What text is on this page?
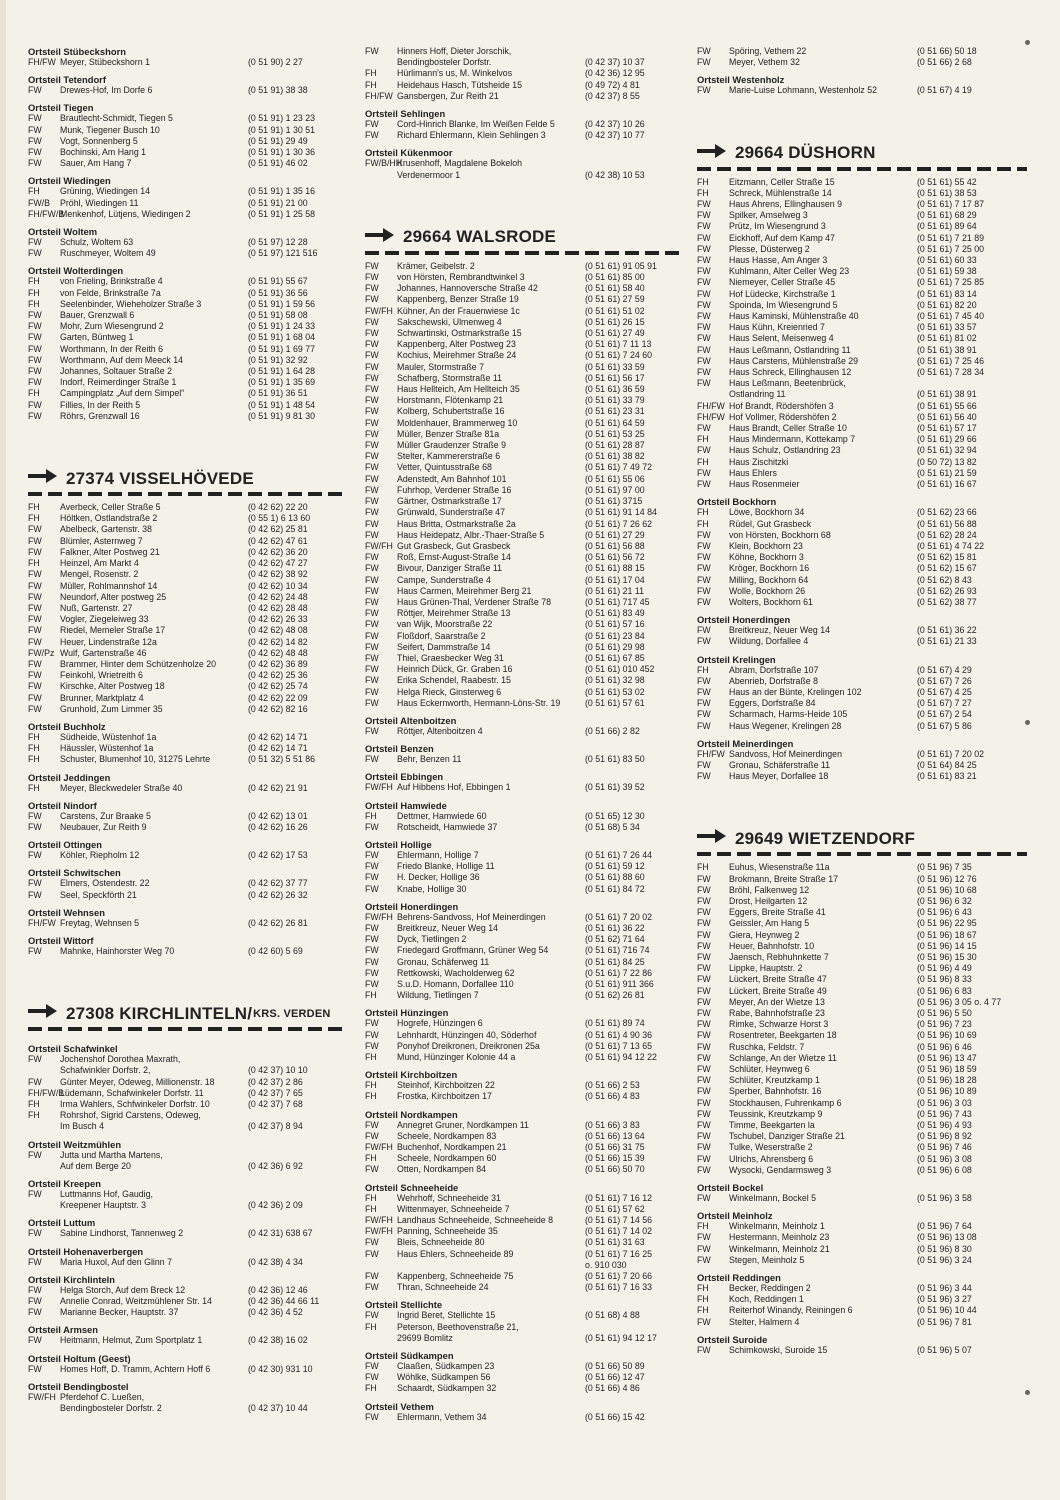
Ortsteil Stübeckshorn
FH/FW Meyer, Stübeckshorn 1	(0 51 90) 2 27
Ortsteil Tetendorf
FW Drewes-Hof, Im Dorfe 6	(0 51 91) 38 38
Ortsteil Tiegen
FW Brautlecht-Schmidt, Tiegen 5	(0 51 91) 1 23 23
FW Munk, Tiegener Busch 10	(0 51 91) 1 30 51
FW Vogt, Sonnenberg 5	(0 51 91) 29 49
FW Bochinski, Am Hang 1	(0 51 91) 1 30 36
FW Sauer, Am Hang 7	(0 51 91) 46 02
Ortsteil Wiedingen
FH Grüning, Wiedingen 14	(0 51 91) 1 35 16
FW/B Pröhl, Wiedingen 11	(0 51 91) 21 00
FH/FW/BMenkenhof, Lütjens, Wiedingen 2	(0 51 91) 1 25 58
Ortsteil Woltem
FW Schulz, Woltem 63	(0 51 97) 12 28
FW Ruschmeyer, Woltem 49	(0 51 97) 121 516
Ortsteil Wolterdingen
FH von Frieling, Brinkstraße 4	(0 51 91) 55 67
FH von Felde, Brinkstraße 7a	(0 51 91) 36 56
FH Seelenbinder, Wieheholzer Straße 3	(0 51 91) 1 59 56
FW Bauer, Grenzwall 6	(0 51 91) 58 08
FW Mohr, Zum Wiesengrund 2	(0 51 91) 1 24 33
FW Garten, Büntweg 1	(0 51 91) 1 68 04
FW Worthmann, In der Reith 6	(0 51 91) 1 69 77
FW Worthmann, Auf dem Meeck 14	(0 51 91) 32 92
FW Johannes, Soltauer Straße 2	(0 51 91) 1 64 28
FW Indorf, Reimerdinger Straße 1	(0 51 91) 1 35 69
FH Campingplatz „Auf dem Simpel“	(0 51 91) 36 51
FW Fillies, In der Reith 5	(0 51 91) 1 48 54
FW Röhrs, Grenzwall 16	(0 51 91) 9 81 30
27374 VISSELHÖVEDE
FH Averbeck, Celler Straße 5	(0 42 62) 22 20
FH Höltken, Ostlandstraße 2	(0 55 1) 6 13 60
FW Abelbeck, Gartenstr. 38	(0 42 62) 25 81
FW Blümler, Asternweg 7	(0 42 62) 47 61
FW Falkner, Alter Postweg 21	(0 42 62) 36 20
FH Heinzel, Am Markt 4	(0 42 62) 47 27
FW Mengel, Rosenstr. 2	(0 42 62) 38 92
FW Müller, Rohlmannshof 14	(0 42 62) 10 34
FW Neundorf, Alter postweg 25	(0 42 62) 24 48
FW Nuß, Gartenstr. 27	(0 42 62) 28 48
FW Vogler, Ziegeleiweg 33	(0 42 62) 26 33
FW Riedel, Memeler Straße 17	(0 42 62) 48 08
FW Heuer, Lindenstraße 12a	(0 42 62) 14 82
FW/Pz Wulf, Gartenstraße 46	(0 42 62) 48 48
FW Brammer, Hinter dem Schützenholze 20	(0 42 62) 36 89
FW Feinkohl, Wrietreith 6	(0 42 62) 25 36
FW Kirschke, Alter Postweg 18	(0 42 62) 25 74
FW Brunner, Marktplatz 4	(0 42 62) 22 09
FW Grunhold, Zum Limmer 35	(0 42 62) 82 16
Ortsteil Buchholz
FH Südheide, Wüstenhof 1a	(0 42 62) 14 71
FH Häussler, Wüstenhof 1a	(0 42 62) 14 71
FH Schuster, Blumenhof 10, 31275 Lehrte	(0 51 32) 5 51 86
Ortsteil Jeddingen
FH Meyer, Bleckwedeler Straße 40	(0 42 62) 21 91
Ortsteil Nindorf
FW Carstens, Zur Braake 5	(0 42 62) 13 01
FW Neubauer, Zur Reith 9	(0 42 62) 16 26
Ortsteil Ottingen
FW Köhler, Riepholm 12	(0 42 62) 17 53
Ortsteil Schwitschen
FW Elmers, Ostendestr. 22	(0 42 62) 37 77
FW Seel, Speckförth 21	(0 42 62) 26 32
Ortsteil Wehnsen
FH/FW Freytag, Wehnsen 5	(0 42 62) 26 81
Ortsteil Wittorf
FW Mahnke, Hainhorster Weg 70	(0 42 60) 5 69
27308 KIRCHLINTELN/ KRS. VERDEN
Ortsteil Schafwinkel
FW Jochenshof Dorothea Maxrath,
Schafwinkler Dorfstr. 2,	(0 42 37) 10 10
FW Günter Meyer, Odeweg, Millionenstr. 18	(0 42 37) 2 86
FH/FW/BLüdemann, Schafwinkeler Dorfstr. 11	(0 42 37) 7 65
FH Irma Wahlers, Schfwinkeler Dorfstr. 10	(0 42 37) 7 68
FH Rohrshof, Sigrid Carstens, Odeweg,
Im Busch 4	(0 42 37) 8 94
Ortsteil Weitzmühlen
FW Jutta und Martha Martens,
Auf dem Berge 20	(0 42 36) 6 92
Ortsteil Kreepen
FW Luttmanns Hof, Gaudig,
Kreepener Hauptstr. 3	(0 42 36) 2 09
Ortsteil Luttum
FW Sabine Lindhorst, Tannenweg 2	(0 42 31) 638 67
Ortsteil Hohenaverbergen
FW Maria Huxol, Auf den Glinn 7	(0 42 38) 4 34
Ortsteil Kirchlinteln
FW Helga Storch, Auf dem Breck 12	(0 42 36) 12 46
FW Annelie Conrad, Weitzmühlener Str. 14	(0 42 36) 44 66 11
FW Marianne Becker, Hauptstr. 37	(0 42 36) 4 52
Ortsteil Armsen
FW Heitmann, Helmut, Zum Sportplatz 1	(0 42 38) 16 02
Ortsteil Holtum (Geest)
FW Homes Hoff, D. Tramm, Achtern Hoff 6	(0 42 30) 931 10
Ortsteil Bendingbostel
FW/FH Pferdehof C. Lueßen,
Bendingbosteler Dorfstr. 2	(0 42 37) 10 44
FW Hinners Hoff, Dieter Jorschik,
Bendingbosteler Dorfstr.	(0 42 37) 10 37
FH Hürlimann's us, M. Winkelvos	(0 42 36) 12 95
FH Heidehaus Hasch, Tütsheide 15	(0 49 72) 4 81
FH/FW Gansbergen, Zur Reith 21	(0 42 37) 8 55
Ortsteil Sehlingen
FW Cord-Hinrich Blanke, Im Weißen Felde 5	(0 42 37) 10 26
FW Richard Ehlermann, Klein Sehlingen 3	(0 42 37) 10 77
Ortsteil Kükenmoor
FW/B/HHKrusenhoff, Magdalene Bokeloh
Verdenermoor 1	(0 42 38) 10 53
29664 WALSRODE
FW Krämer, Geibelstr. 2	(0 51 61) 91 05 91
FW von Hörsten, Rembrandtwinkel 3	(0 51 61) 85 00
FW Johannes, Hannoversche Straße 42	(0 51 61) 58 40
FW Kappenberg, Benzer Straße 19	(0 51 61) 27 59
FW/FH Kühner, An der Frauenwiese 1c	(0 51 61) 51 02
FW Sakschewski, Ulmenweg 4	(0 51 61) 26 15
FW Schwartinski, Ostmarkstraße 15	(0 51 61) 27 49
FW Kappenberg, Alter Postweg 23	(0 51 61) 7 11 13
FW Kochius, Meirehmer Straße 24	(0 51 61) 7 24 60
FW Mauler, Stormstraße 7	(0 51 61) 33 59
FW Schafberg, Stormstraße 11	(0 51 61) 56 17
FW Haus Hellteich, Am Hellteich 35	(0 51 61) 36 59
FW Horstmann, Flötenkamp 21	(0 51 61) 33 79
FW Kolberg, Schubertstraße 16	(0 51 61) 23 31
FW Moldenhauer, Brammerweg 10	(0 51 61) 64 59
FW Müller, Benzer Straße 81a	(0 51 61) 53 25
FW Müller Graudenzer Straße 9	(0 51 61) 28 87
FW Stelter, Kammererstraße 6	(0 51 61) 38 82
FW Vetter, Quintusstraße 68	(0 51 61) 7 49 72
FW Adenstedt, Am Bahnhof 101	(0 51 61) 55 06
FW Fuhrhop, Verdener Straße 16	(0 51 61) 97 00
FW Gärtner, Ostmarkstraße 17	(0 51 61) 3715
FW Grünwald, Sunderstraße 47	(0 51 61) 91 14 84
FW Haus Britta, Ostmarkstraße 2a	(0 51 61) 7 26 62
FW Haus Heidepatz, Albr.-Thaer-Straße 5	(0 51 61) 27 29
FW/FH Gut Grasbeck, Gut Grasbeck	(0 51 61) 56 88
FW Roß, Ernst-August-Straße 14	(0 51 61) 56 72
FW Bivour, Danziger Straße 11	(0 51 61) 88 15
FW Campe, Sunderstraße 4	(0 51 61) 17 04
FW Haus Carmen, Meirehmer Berg 21	(0 51 61) 21 11
FW Haus Grünen-Thal, Verdener Straße 78	(0 51 61) 717 45
FW Röttjer, Meirehmer Straße 13	(0 51 61) 83 49
FW van Wijk, Moorstraße 22	(0 51 61) 57 16
FW Floßdorf, Saarstraße 2	(0 51 61) 23 84
FW Seifert, Dammstraße 14	(0 51 61) 29 98
FW Thiel, Graesbecker Weg 31	(0 51 61) 67 85
FW Heinrich Dück, Gr. Graben 16	(0 51 61) 010 452
FW Erika Schendel, Raabestr. 15	(0 51 61) 32 98
FW Helga Rieck, Ginsterweg 6	(0 51 61) 53 02
FW Haus Eckernworth, Hermann-Löns-Str. 19	(0 51 61) 57 61
Ortsteil Altenboitzen
FW Röttjer, Altenboitzen 4	(0 51 66) 2 82
Ortsteil Benzen
FW Behr, Benzen 11	(0 51 61) 83 50
Ortsteil Ebbingen
FW/FH Auf Hibbens Hof, Ebbingen 1	(0 51 61) 39 52
Ortsteil Hamwiede
FH Dettmer, Hamwiede 60	(0 51 65) 12 30
FW Rotscheidt, Hamwiede 37	(0 51 68) 5 34
Ortsteil Hollige
FW Ehlermann, Hollige 7	(0 51 61) 7 26 44
FW Friedo Blanke, Hollige 11	(0 51 61) 59 12
FW H. Decker, Hollige 36	(0 51 61) 88 60
FW Knabe, Hollige 30	(0 51 61) 84 72
Ortsteil Honerdingen
FW/FH Behrens-Sandvoss, Hof Meinerdingen	(0 51 61) 7 20 02
FW Breitkreuz, Neuer Weg 14	(0 51 61) 36 22
FW Dyck, Tietlingen 2	(0 51 62) 71 64
FW Friedegard Groffmann, Grüner Weg 54	(0 51 61) 716 74
FW Gronau, Schäferweg 11	(0 51 61) 84 25
FW Rettkowski, Wacholderweg 62	(0 51 61) 7 22 86
FW S.u.D. Homann, Dorfallee 110	(0 51 61) 911 366
FH Wildung, Tietlingen 7	(0 51 62) 26 81
Ortsteil Hünzingen
FW Hogrefe, Hünzingen 6	(0 51 61) 89 74
FW Lehnhardt, Hünzingen 40, Söderhof	(0 51 61) 4 90 36
FW Ponyhof Dreikronen, Dreikronen 25a	(0 51 61) 7 13 65
FH Mund, Hünzinger Kolonie 44 a	(0 51 61) 94 12 22
Ortsteil Kirchboitzen
FH Steinhof, Kirchboitzen 22	(0 51 66) 2 53
FH Frostka, Kirchboitzen 17	(0 51 66) 4 83
Ortsteil Nordkampen
FW Annegret Gruner, Nordkampen 11	(0 51 66) 3 83
FW Scheele, Nordkampen 83	(0 51 66) 13 64
FW/FH Buchenhof, Nordkampen 21	(0 51 66) 31 75
FH Scheele, Nordkampen 60	(0 51 66) 15 39
FW Otten, Nordkampen 84	(0 51 66) 50 70
Ortsteil Schneeheide
FH Wehrhoff, Schneeheide 31	(0 51 61) 7 16 12
FH Wittenmayer, Schneeheide 7	(0 51 61) 57 62
FW/FH Landhaus Schneeheide, Schneeheide 8	(0 51 61) 7 14 56
FW/FH Panning, Schneeheide 35	(0 51 61) 7 14 02
FW Bleis, Schneeheide 80	(0 51 61) 31 63
FW Haus Ehlers, Schneeheide 89	(0 51 61) 7 16 25
o. 910 030
FW Kappenberg, Schneeheide 75	(0 51 61) 7 20 66
FW Thran, Schneeheide 24	(0 51 61) 7 16 33
Ortsteil Stellichte
FW Ingrid Beret, Stellichte 15	(0 51 68) 4 88
FH Peterson, Beethovenstraße 21,
29699 Bomlitz	(0 51 61) 94 12 17
Ortsteil Südkampen
FW Claaßen, Südkampen 23	(0 51 66) 50 89
FW Wöhlke, Südkampen 56	(0 51 66) 12 47
FH Schaardt, Südkampen 32	(0 51 66) 4 86
Ortsteil Vethem
FW Ehlermann, Vethem 34	(0 51 66) 15 42
FW Spöring, Vethem 22	(0 51 66) 50 18
FW Meyer, Vethem 32	(0 51 66) 2 68
Ortsteil Westenholz
FW Marie-Luise Lohmann, Westenholz 52	(0 51 67) 4 19
29664 DÜSHORN
FH Eitzmann, Celler Straße 15	(0 51 61) 55 42
FH Schreck, Mühlenstraße 14	(0 51 61) 38 53
FW Haus Ahrens, Ellinghausen 9	(0 51 61) 7 17 87
FW Spilker, Amselweg 3	(0 51 61) 68 29
FW Prütz, Im Wiesengrund 3	(0 51 61) 89 64
FW Eickhoff, Auf dem Kamp 47	(0 51 61) 7 21 89
FW Plesse, Düsterweg 2	(0 51 61) 7 25 00
FW Haus Hasse, Am Anger 3	(0 51 61) 60 33
FW Kuhlmann, Alter Celler Weg 23	(0 51 61) 59 38
FW Niemeyer, Celler Straße 45	(0 51 61) 7 25 85
FW Hof Lüdecke, Kirchstraße 1	(0 51 61) 83 14
FW Spoinda, Im Wiesengrund 5	(0 51 61) 82 20
FW Haus Kaminski, Mühlenstraße 40	(0 51 61) 7 45 40
FW Haus Kühn, Kreienried 7	(0 51 61) 33 57
FW Haus Selent, Meisenweg 4	(0 51 61) 81 02
FW Haus Leßmann, Ostlandring 11	(0 51 61) 38 91
FW Haus Carstens, Mühlenstraße 29	(0 51 61) 7 25 46
FW Haus Schreck, Ellinghausen 12	(0 51 61) 7 28 34
FW Haus Leßmann, Beetenbrück,
Ostlandring 11	(0 51 61) 38 91
FH/FW Hof Brandt, Rödershöfen 3	(0 51 61) 55 66
FH/FW Hof Vollmer, Rödershöfen 2	(0 51 61) 56 40
FW Haus Brandt, Celler Straße 10	(0 51 61) 57 17
FH Haus Mindermann, Kottekamp 7	(0 51 61) 29 66
FW Haus Schulz, Ostlandring 23	(0 51 61) 32 94
FH Haus Zischitzki	(0 50 72) 13 82
FW Haus Ehlers	(0 51 61) 21 59
FW Haus Rosenmeier	(0 51 61) 16 67
Ortsteil Bockhorn
FH Löwe, Bockhorn 34	(0 51 62) 23 66
FH Rüdel, Gut Grasbeck	(0 51 61) 56 88
FW von Hörsten, Bockhorn 68	(0 51 62) 28 24
FW Klein, Bockhorn 23	(0 51 61) 4 74 22
FW Köhne, Bockhorn 3	(0 51 62) 15 81
FW Kröger, Bockhorn 16	(0 51 62) 15 67
FW Milling, Bockhorn 64	(0 51 62) 8 43
FW Wolle, Bockhorn 26	(0 51 62) 26 93
FW Wolters, Bockhorn 61	(0 51 62) 38 77
Ortsteil Honerdingen
FW Breitkreuz, Neuer Weg 14	(0 51 61) 36 22
FW Wildung, Dorfallee 4	(0 51 61) 21 33
Ortsteil Krelingen
FH Abram, Dorfstraße 107	(0 51 67) 4 29
FW Abenrieb, Dorfstraße 8	(0 51 67) 7 26
FW Haus an der Bünte, Krelingen 102	(0 51 67) 4 25
FW Eggers, Dorfstraße 84	(0 51 67) 7 27
FW Scharmach, Harms-Heide 105	(0 51 67) 2 54
FW Haus Wegener, Krelingen 28	(0 51 67) 5 86
Ortsteil Meinerdingen
FH/FW Sandvoss, Hof Meinerdingen	(0 51 61) 7 20 02
FW Gronau, Schäferstraße 11	(0 51 64) 84 25
FW Haus Meyer, Dorfallee 18	(0 51 61) 83 21
29649 WIETZENDORF
FH Euhus, Wiesenstraße 11a	(0 51 96) 7 35
FW Brokmann, Breite Straße 17	(0 51 96) 12 76
FW Bröhl, Falkenweg 12	(0 51 96) 10 68
FW Drost, Heilgarten 12	(0 51 96) 6 32
FW Eggers, Breite Straße 41	(0 51 96) 6 43
FW Geissler, Am Hang 5	(0 51 96) 22 95
FW Giera, Heynweg 2	(0 51 96) 18 67
FW Heuer, Bahnhofstr. 10	(0 51 96) 14 15
FW Jaensch, Rebhuhnkette 7	(0 51 96) 15 30
FW Lippke, Hauptstr. 2	(0 51 96) 4 49
FW Lückert, Breite Straße 47	(0 51 96) 8 33
FW Lückert, Breite Straße 49	(0 51 96) 6 83
FW Meyer, An der Wietze 13	(0 51 96) 3 05 o. 4 77
FW Rabe, Bahnhofstraße 23	(0 51 96) 5 50
FW Rimke, Schwarze Horst 3	(0 51 96) 7 23
FW Rosentreter, Beekgarten 18	(0 51 96) 10 69
FW Ruschka, Feldstr. 7	(0 51 96) 6 46
FW Schlange, An der Wietze 11	(0 51 96) 13 47
FW Schlüter, Heynweg 6	(0 51 96) 18 59
FW Schlüter, Kreutzkamp 1	(0 51 96) 18 28
FW Sperber, Bahnhofstr. 16	(0 51 96) 10 89
FW Stockhausen, Fuhrenkamp 6	(0 51 96) 3 03
FW Teussink, Kreutzkamp 9	(0 51 96) 7 43
FW Timme, Beekgarten la	(0 51 96) 4 93
FW Tschubel, Danziger Straße 21	(0 51 96) 8 92
FW Tulke, Weserstraße 2	(0 51 96) 7 46
FW Ulrichs, Ahrensberg 6	(0 51 96) 3 08
FW Wysocki, Gendarmsweg 3	(0 51 96) 6 08
Ortsteil Bockel
FW Winkelmann, Bockel 5	(0 51 96) 3 58
Ortsteil Meinholz
FH Winkelmann, Meinholz 1	(0 51 96) 7 64
FW Hestermann, Meinholz 23	(0 51 96) 13 08
FW Winkelmann, Meinholz 21	(0 51 96) 8 30
FW Stegen, Meinholz 5	(0 51 96) 3 24
Ortsteil Reddingen
FH Becker, Reddingen 2	(0 51 96) 3 44
FH Koch, Reddingen 1	(0 51 96) 3 27
FH Reiterhof Winandy, Reiningen 6	(0 51 96) 10 44
FW Stelter, Halmern 4	(0 51 96) 7 81
Ortsteil Suroide
FW Schimkowski, Suroide 15	(0 51 96) 5 07
